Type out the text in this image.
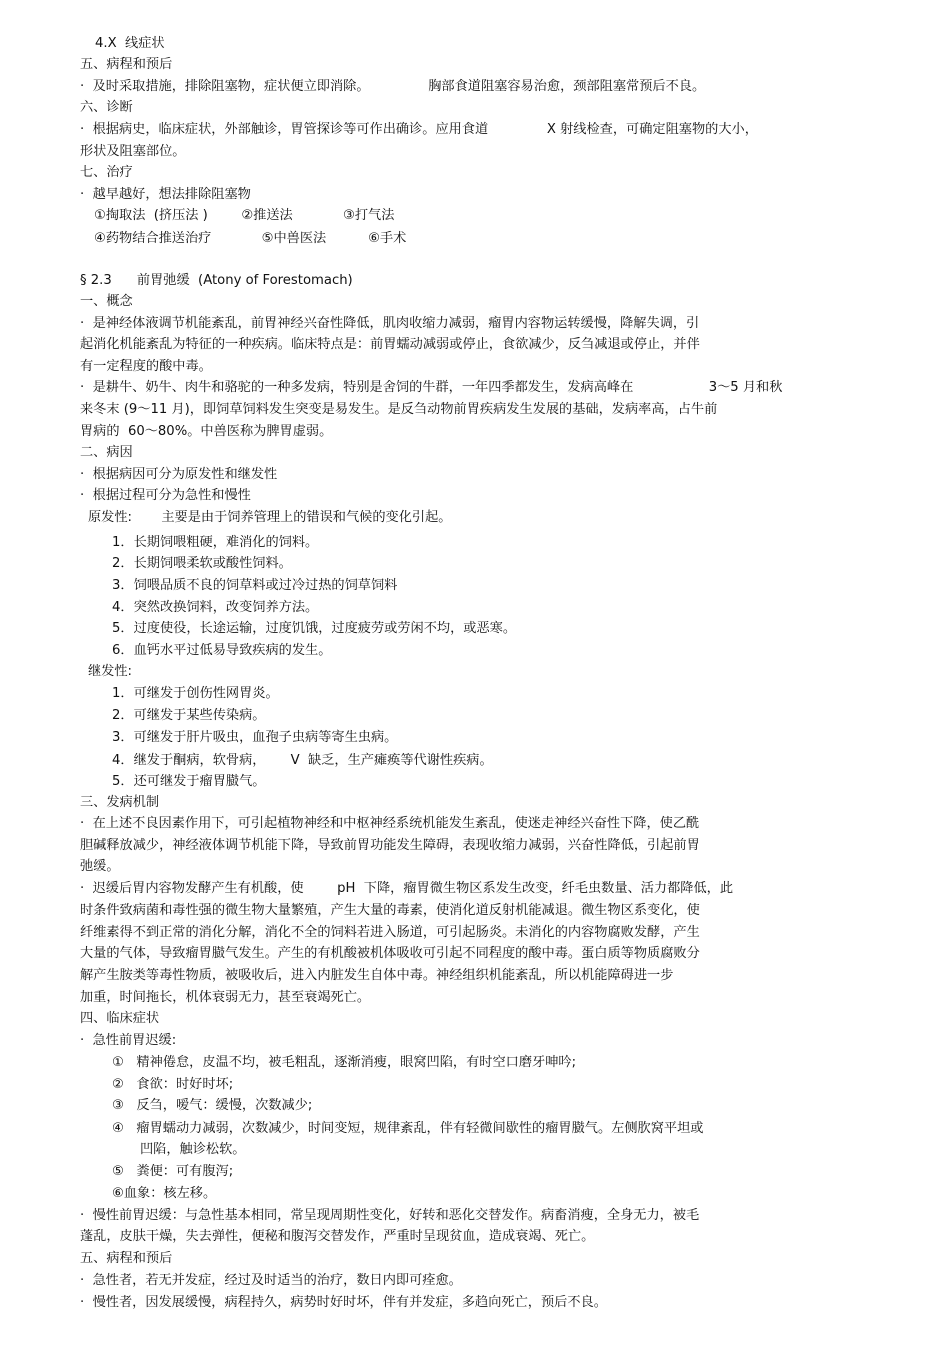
4.X  线症状
五、病程和预后
·  及时采取措施，排除阻塞物，症状便立即消除。              胸部食道阻塞容易治愈，颈部阻塞常预后不良。
六、诊断
·  根据病史，临床症状，外部触诊，胃管探诊等可作出确诊。应用食道              X 射线检查，可确定阻塞物的大小，
形状及阻塞部位。
七、治疗
·  越早越好，想法排除阻塞物
①掏取法  (挤压法 )        ②推送法            ③打气法
④药物结合推送治疗            ⑤中兽医法          ⑥手术
§ 2.3      前胃弛缓  (Atony of Forestomach)
一、概念
·  是神经体液调节机能紊乱，前胃神经兴奋性降低，肌肉收缩力减弱，瘤胃内容物运转缓慢，降解失调，引
起消化机能紊乱为特征的一种疾病。临床特点是：前胃蠕动减弱或停止，食欲减少，反刍减退或停止，并伴
有一定程度的酸中毒。
·  是耕牛、奶牛、肉牛和骆驼的一种多发病，特别是舍饲的牛群，一年四季都发生，发病高峰在                  3～5 月和秋
来冬末 (9～11 月)，即饲草饲料发生突变是易发生。是反刍动物前胃疾病发生发展的基础，发病率高，占牛前
胃病的  60～80%。中兽医称为脾胃虚弱。
二、病因
·  根据病因可分为原发性和继发性
·  根据过程可分为急性和慢性
原发性:       主要是由于饲养管理上的错误和气候的变化引起。
1．长期饲喂粗硬，难消化的饲料。
2．长期饲喂柔软或酸性饲料。
3．饲喂品质不良的饲草料或过冷过热的饲草饲料
4．突然改换饲料，改变饲养方法。
5．过度使役，长途运输，过度饥饿，过度疲劳或劳闲不均，或恶寒。
6．血钙水平过低易导致疾病的发生。
继发性:
1．可继发于创伤性网胃炎。
2．可继发于某些传染病。
3．可继发于肝片吸虫，血孢子虫病等寄生虫病。
4．继发于酮病，软骨病，      V  缺乏，生产瘫痪等代谢性疾病。
5．还可继发于瘤胃臌气。
三、发病机制
·  在上述不良因素作用下，可引起植物神经和中枢神经系统机能发生紊乱，使迷走神经兴奋性下降，使乙酰
胆碱释放减少，神经液体调节机能下降，导致前胃功能发生障碍，表现收缩力减弱，兴奋性降低，引起前胃
弛缓。
·  迟缓后胃内容物发酵产生有机酸，使        pH  下降，瘤胃微生物区系发生改变，纤毛虫数量、活力都降低，此
时条件致病菌和毒性强的微生物大量繁殖，产生大量的毒素，使消化道反射机能减退。微生物区系变化，使
纤维素得不到正常的消化分解，消化不全的饲料若进入肠道，可引起肠炎。未消化的内容物腐败发酵，产生
大量的气体，导致瘤胃臌气发生。产生的有机酸被机体吸收可引起不同程度的酸中毒。蛋白质等物质腐败分
解产生胺类等毒性物质，被吸收后，进入内脏发生自体中毒。神经组织机能紊乱，所以机能障碍进一步
加重，时间拖长，机体衰弱无力，甚至衰竭死亡。
四、临床症状
·  急性前胃迟缓:
①   精神倦怠，皮温不均，被毛粗乱，逐渐消瘦，眼窝凹陷，有时空口磨牙呻吟;
②   食欲：时好时坏;
③   反刍，嗳气：缓慢，次数减少;
④   瘤胃蠕动力减弱，次数减少，时间变短，规律紊乱，伴有轻微间歇性的瘤胃臌气。左侧肷窝平坦或
凹陷，触诊松软。
⑤   粪便：可有腹泻;
⑥血象：核左移。
·  慢性前胃迟缓：与急性基本相同，常呈现周期性变化，好转和恶化交替发作。病畜消瘦，全身无力，被毛
蓬乱，皮肤干燥，失去弹性，便秘和腹泻交替发作，严重时呈现贫血，造成衰竭、死亡。
五、病程和预后
·  急性者，若无并发症，经过及时适当的治疗，数日内即可痊愈。
·  慢性者，因发展缓慢，病程持久，病势时好时坏，伴有并发症，多趋向死亡，预后不良。
